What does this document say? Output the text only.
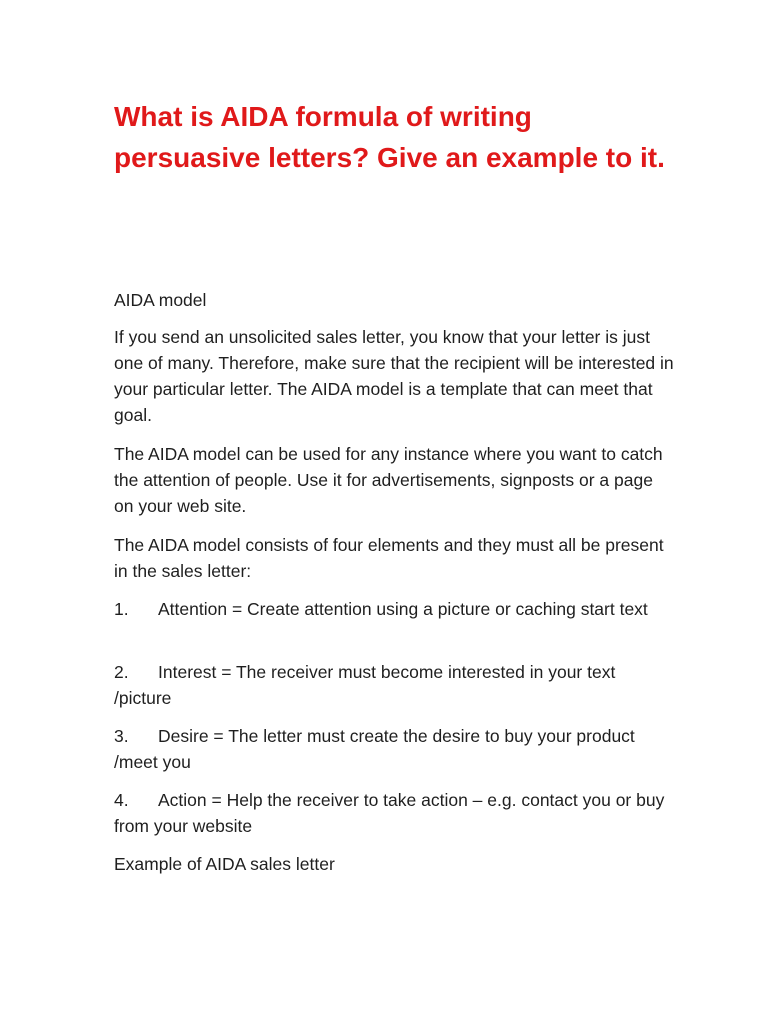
What is AIDA formula of writing persuasive letters? Give an example to it.

AIDA model

If you send an unsolicited sales letter, you know that your letter is just one of many. Therefore, make sure that the recipient will be interested in your particular letter. The AIDA model is a template that can meet that goal.

The AIDA model can be used for any instance where you want to catch the attention of people. Use it for advertisements, signposts or a page on your web site.

The AIDA model consists of four elements and they must all be present in the sales letter:

1. Attention = Create attention using a picture or caching start text

2. Interest = The receiver must become interested in your text /picture

3. Desire = The letter must create the desire to buy your product /meet you

4. Action = Help the receiver to take action – e.g. contact you or buy from your website

Example of AIDA sales letter
